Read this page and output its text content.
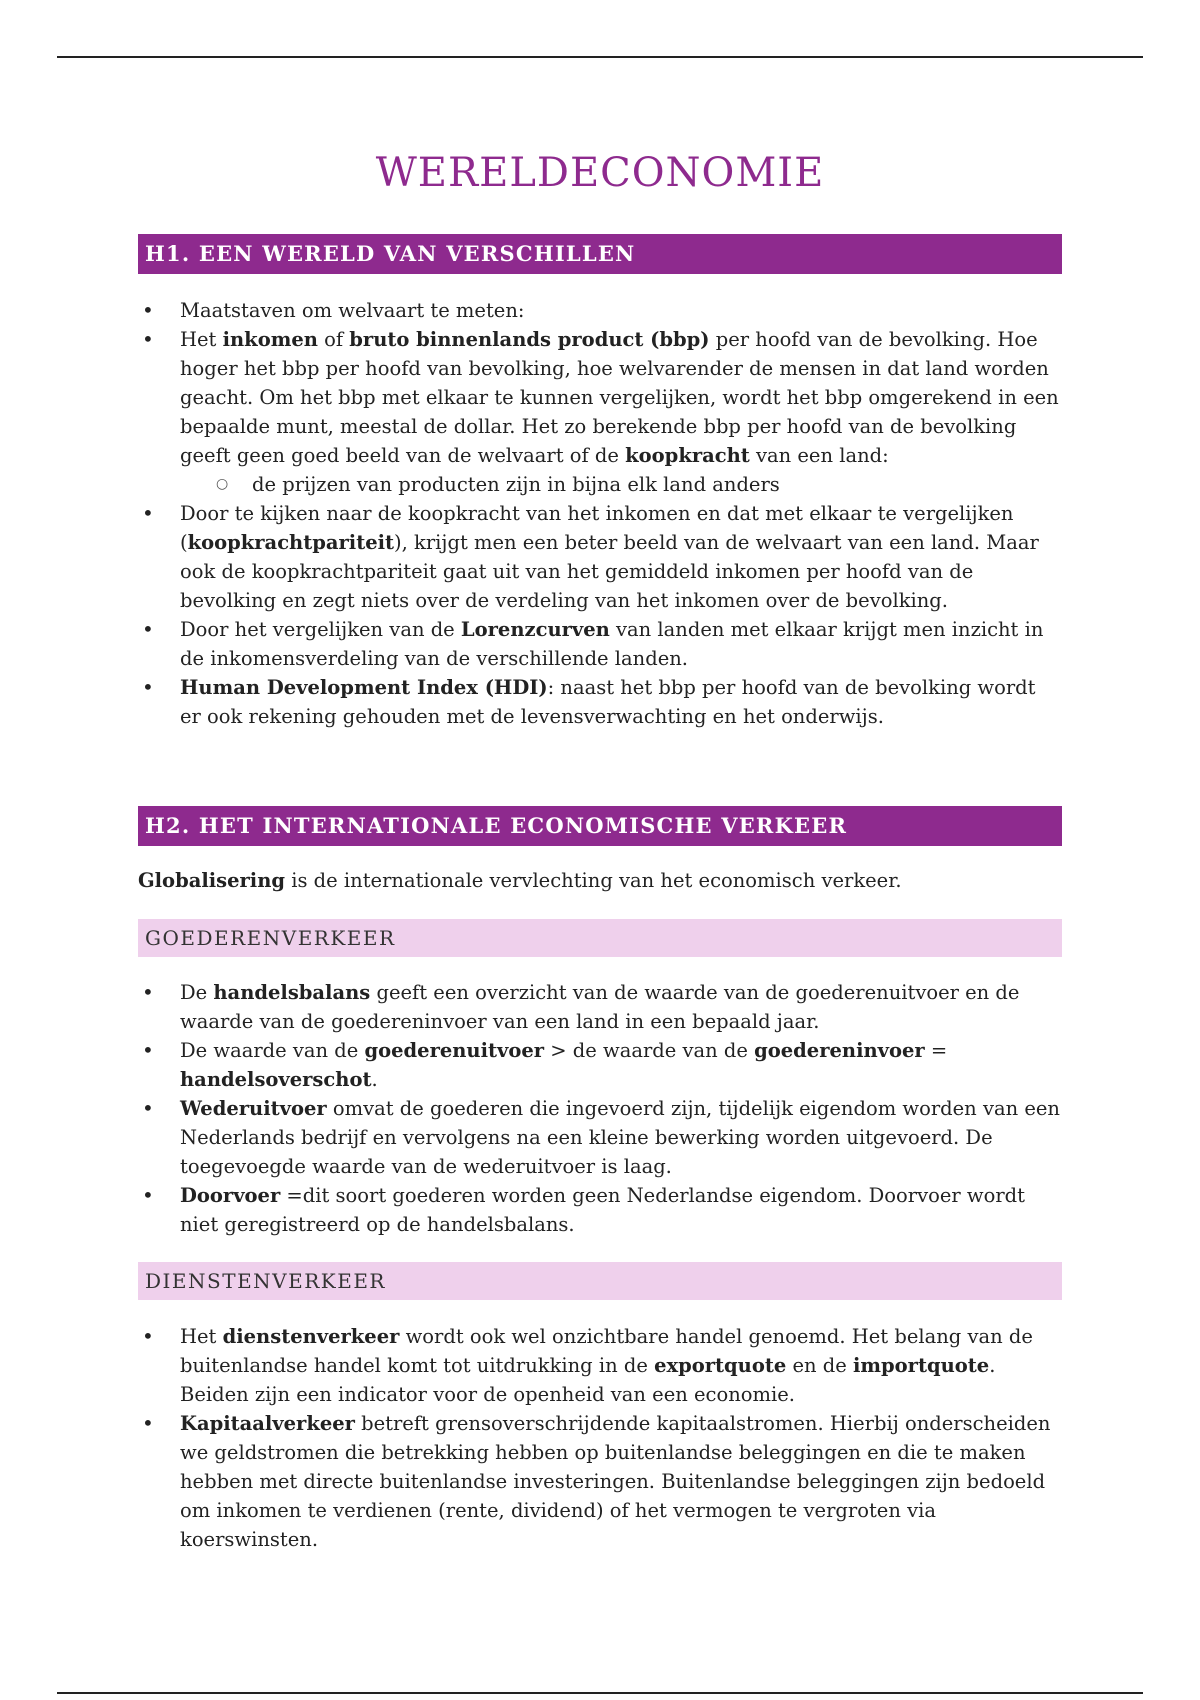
WERELDECONOMIE
H1. EEN WERELD VAN VERSCHILLEN
• Maatstaven om welvaart te meten:
• Het inkomen of bruto binnenlands product (bbp) per hoofd van de bevolking. Hoe hoger het bbp per hoofd van bevolking, hoe welvarender de mensen in dat land worden geacht. Om het bbp met elkaar te kunnen vergelijken, wordt het bbp omgerekend in een bepaalde munt, meestal de dollar. Het zo berekende bbp per hoofd van de bevolking geeft geen goed beeld van de welvaart of de koopkracht van een land:
○ de prijzen van producten zijn in bijna elk land anders
• Door te kijken naar de koopkracht van het inkomen en dat met elkaar te vergelijken (koopkrachtpariteit), krijgt men een beter beeld van de welvaart van een land. Maar ook de koopkrachtpariteit gaat uit van het gemiddeld inkomen per hoofd van de bevolking en zegt niets over de verdeling van het inkomen over de bevolking.
• Door het vergelijken van de Lorenzcurven van landen met elkaar krijgt men inzicht in de inkomensverdeling van de verschillende landen.
• Human Development Index (HDI): naast het bbp per hoofd van de bevolking wordt er ook rekening gehouden met de levensverwachting en het onderwijs.
H2. HET INTERNATIONALE ECONOMISCHE VERKEER

Globalisering is de internationale vervlechting van het economisch verkeer.

GOEDERENVERKEER
• De handelsbalans geeft een overzicht van de waarde van de goederenuitvoer en de waarde van de goedereninvoer van een land in een bepaald jaar.
• De waarde van de goederenuitvoer > de waarde van de goedereninvoer = handelsoverschot.
• Wederuitvoer omvat de goederen die ingevoerd zijn, tijdelijk eigendom worden van een Nederlands bedrijf en vervolgens na een kleine bewerking worden uitgevoerd. De toegevoegde waarde van de wederuitvoer is laag.
• Doorvoer =dit soort goederen worden geen Nederlandse eigendom. Doorvoer wordt niet geregistreerd op de handelsbalans.
DIENSTENVERKEER
• Het dienstenverkeer wordt ook wel onzichtbare handel genoemd. Het belang van de buitenlandse handel komt tot uitdrukking in de exportquote en de importquote. Beiden zijn een indicator voor de openheid van een economie.
• Kapitaalverkeer betreft grensoverschrijdende kapitaalstromen. Hierbij onderscheiden we geldstromen die betrekking hebben op buitenlandse beleggingen en die te maken hebben met directe buitenlandse investeringen. Buitenlandse beleggingen zijn bedoeld om inkomen te verdienen (rente, dividend) of het vermogen te vergroten via koerswinsten.
